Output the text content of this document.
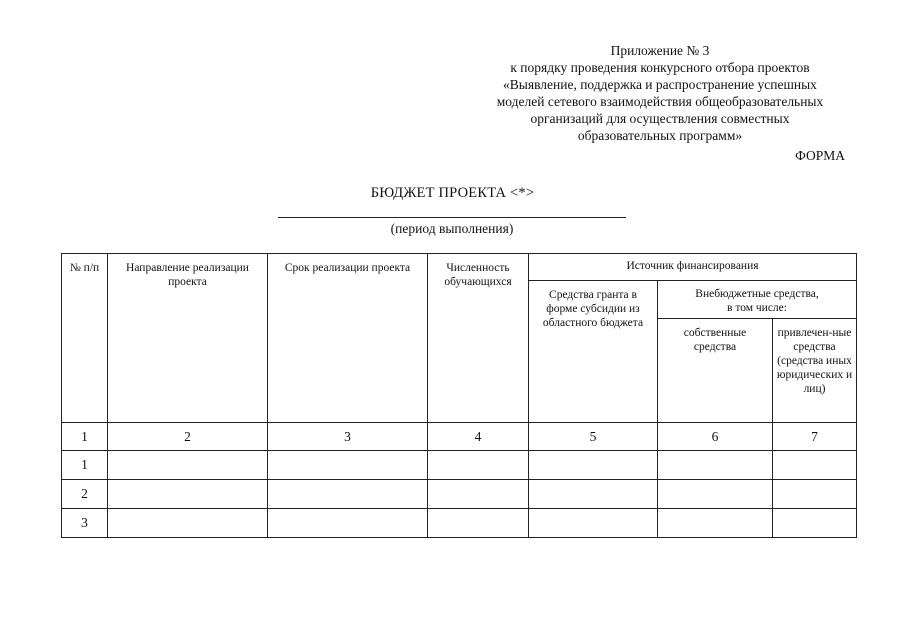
Приложение № 3
к порядку проведения конкурсного отбора проектов
«Выявление, поддержка и распространение успешных
моделей сетевого взаимодействия общеобразовательных
организаций для осуществления совместных
образовательных программ»
ФОРМА
БЮДЖЕТ ПРОЕКТА <*>
(период выполнения)
№ п/п	Направление реализации проекта	Срок реализации проекта	Численность обучающихся	Источник финансирования		
				Средства гранта в форме субсидии из областного бюджета	Внебюджетные средства,
в том числе:	

					собственные средства	привлечен-ные средства (средства иных юридических и лиц)
1	2	3	4	5	6	7
1						
2						
3						
